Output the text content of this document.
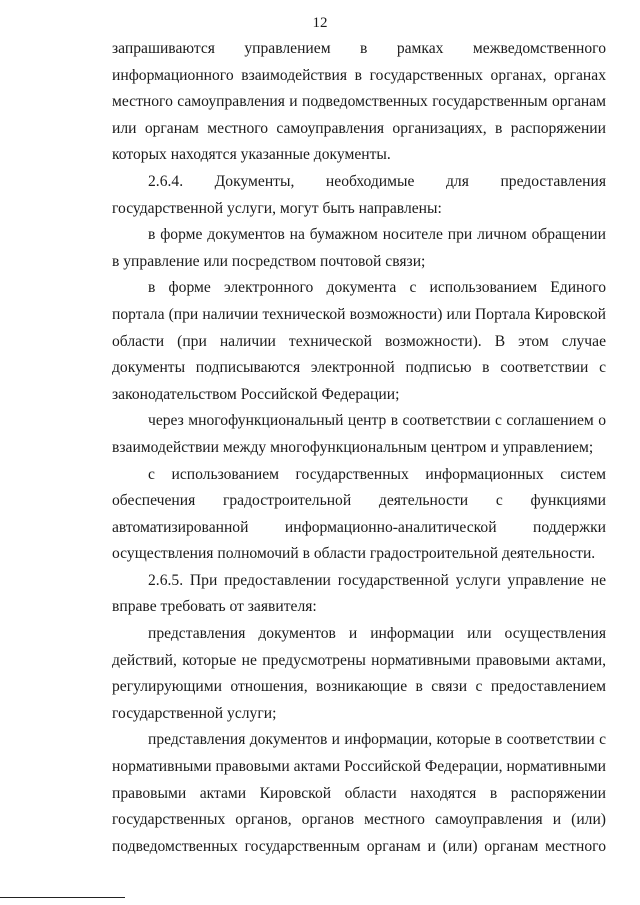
12

запрашиваются управлением в рамках межведомственного информационного взаимодействия в государственных органах, органах местного самоуправления и подведомственных государственным органам или органам местного самоуправления организациях, в распоряжении которых находятся указанные документы.

2.6.4. Документы, необходимые для предоставления государственной услуги, могут быть направлены:

в форме документов на бумажном носителе при личном обращении в управление или посредством почтовой связи;

в форме электронного документа с использованием Единого портала (при наличии технической возможности) или Портала Кировской области (при наличии технической возможности). В этом случае документы подписываются электронной подписью в соответствии с законодательством Российской Федерации;

через многофункциональный центр в соответствии с соглашением о взаимодействии между многофункциональным центром и управлением;

с использованием государственных информационных систем обеспечения градостроительной деятельности с функциями автоматизированной информационно-аналитической поддержки осуществления полномочий в области градостроительной деятельности.

2.6.5. При предоставлении государственной услуги управление не вправе требовать от заявителя:

представления документов и информации или осуществления действий, которые не предусмотрены нормативными правовыми актами, регулирующими отношения, возникающие в связи с предоставлением государственной услуги;

представления документов и информации, которые в соответствии с нормативными правовыми актами Российской Федерации, нормативными правовыми актами Кировской области находятся в распоряжении государственных органов, органов местного самоуправления и (или) подведомственных государственным органам и (или) органам местного
